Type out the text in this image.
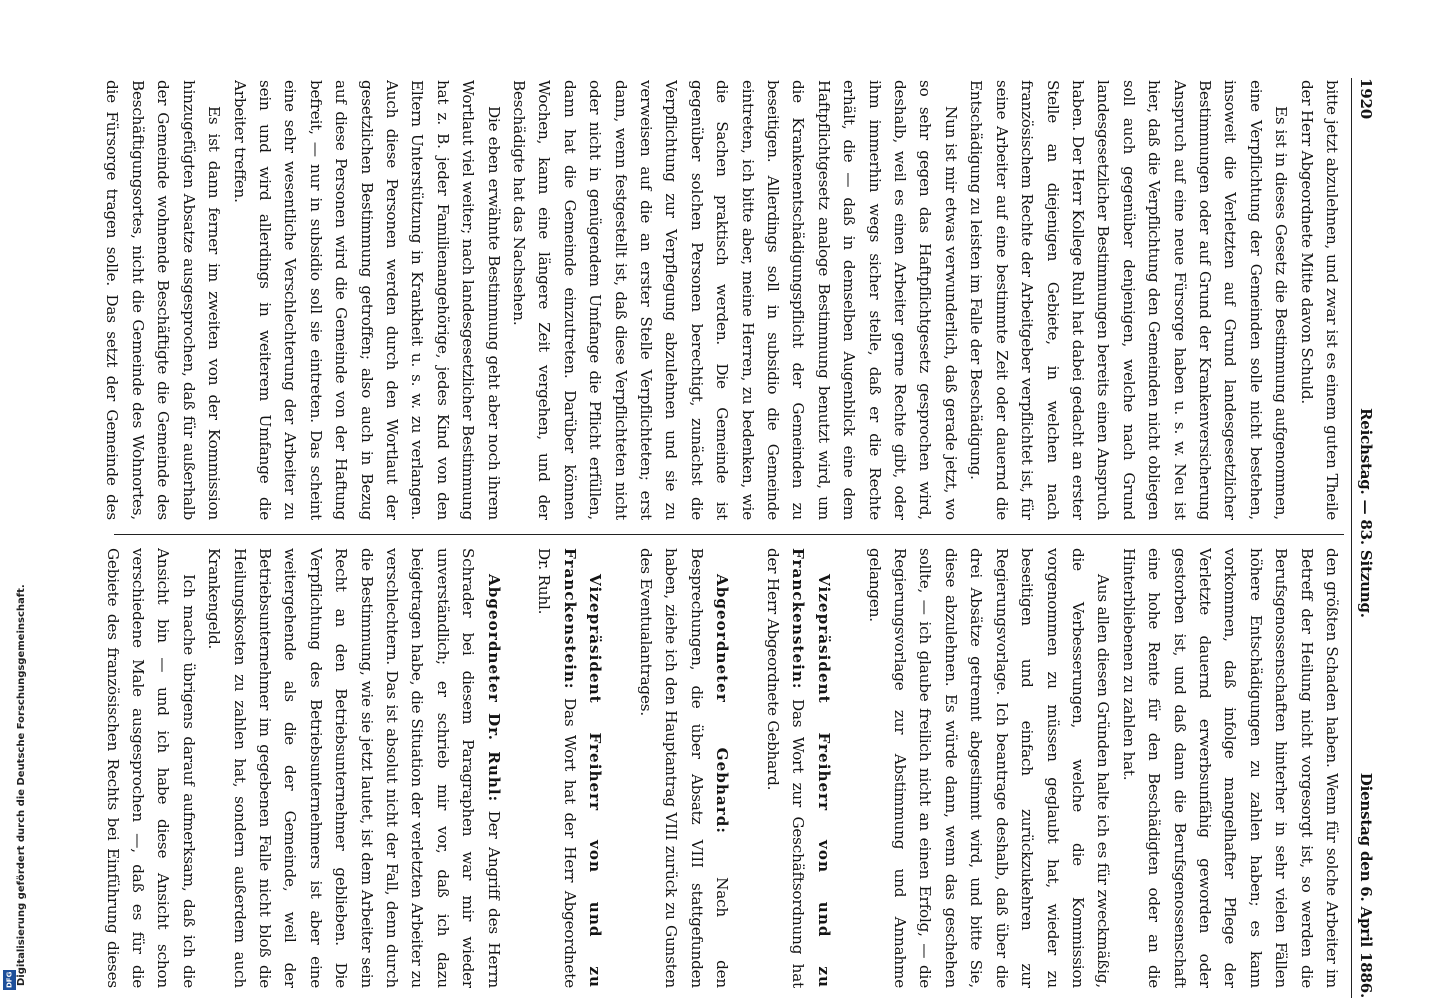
1920
Reichstag. — 83. Sitzung.
Dienstag den 6. April 1886.

bitte jetzt abzulehnen, und zwar ist es einem guten Theile der Herr Abgeordnete Mitte davon Schuld.

Es ist in dieses Gesetz die Bestimmung aufgenommen, eine Verpflichtung der Gemeinden solle nicht bestehen, insoweit die Verletzten auf Grund landesgesetzlicher Bestimmungen oder auf Grund der Krankenversicherung Anspruch auf eine neue Fürsorge haben u. s. w. Neu ist hier, daß die Verpflichtung den Gemeinden nicht obliegen soll auch gegenüber denjenigen, welche nach Grund landesgesetzlicher Bestimmungen bereits einen Anspruch haben. Der Herr Kollege Ruhl hat dabei gedacht an erster Stelle an diejenigen Gebiete, in welchen nach französischem Rechte der Arbeitgeber verpflichtet ist, für seine Arbeiter auf eine bestimmte Zeit oder dauernd die Entschädigung zu leisten im Falle der Beschädigung.

Nun ist mir etwas verwunderlich, daß gerade jetzt, wo so sehr gegen das Haftpflichtgesetz gesprochen wird, deshalb, weil es einen Arbeiter gerne Rechte gibt, oder ihm immerhin wegs sicher stelle, daß er die Rechte erhält, die — daß in demselben Augenblick eine dem Haftpflichtgesetz analoge Bestimmung benutzt wird, um die Krankenentschädigungspflicht der Gemeinden zu beseitigen. Allerdings soll in subsidio die Gemeinde eintreten, ich bitte aber, meine Herren, zu bedenken, wie die Sachen praktisch werden. Die Gemeinde ist gegenüber solchen Personen berechtigt, zunächst die Verpflichtung zur Verpflegung abzulehnen und sie zu verweisen auf die an erster Stelle Verpflichteten; erst dann, wenn festgestellt ist, daß diese Verpflichteten nicht oder nicht in genügendem Umfange die Pflicht erfüllen, dann hat die Gemeinde einzutreten. Darüber können Wochen, kann eine längere Zeit vergehen, und der Beschädigte hat das Nachsehen.

Die eben erwähnte Bestimmung geht aber noch ihrem Wortlaut viel weiter; nach landesgesetzlicher Bestimmung hat z. B. jeder Familienangehörige, jedes Kind von den Eltern Unterstützung in Krankheit u. s. w. zu verlangen. Auch diese Personen werden durch den Wortlaut der gesetzlichen Bestimmung getroffen; also auch in Bezug auf diese Personen wird die Gemeinde von der Haftung befreit, — nur in subsidio soll sie eintreten. Das scheint eine sehr wesentliche Verschlechterung der Arbeiter zu sein und wird allerdings in weiterem Umfange die Arbeiter treffen.

Es ist dann ferner im zweiten von der Kommission hinzugefügten Absatze ausgesprochen, daß für außerhalb der Gemeinde wohnende Beschäftigte die Gemeinde des Beschäftigungsortes, nicht die Gemeinde des Wohnortes, die Fürsorge tragen solle. Das setzt der Gemeinde des

den größten Schaden haben. Wenn für solche Arbeiter im Betreff der Heilung nicht vorgesorgt ist, so werden die Berufsgenossenschaften hinterher in sehr vielen Fällen höhere Entschädigungen zu zahlen haben; es kann vorkommen, daß infolge mangelhafter Pflege der Verletzte dauernd erwerbsunfähig geworden oder gestorben ist, und daß dann die Berufsgenossenschaft eine hohe Rente für den Beschädigten oder an die Hinterbliebenen zu zahlen hat.

Aus allen diesen Gründen halte ich es für zweckmäßig, die Verbesserungen, welche die Kommission vorgenommen zu müssen geglaubt hat, wieder zu beseitigen und einfach zurückzukehren zur Regierungsvorlage. Ich beantrage deshalb, daß über die drei Absätze getrennt abgestimmt wird, und bitte Sie, diese abzulehnen. Es würde dann, wenn das geschehen sollte, — ich glaube freilich nicht an einen Erfolg, — die Regierungsvorlage zur Abstimmung und Annahme gelangen.

Vizepräsident Freiherr von und zu Franckenstein: Das Wort zur Geschäftsordnung hat der Herr Abgeordnete Gebhard.

Abgeordneter Gebhard: Nach den Besprechungen, die über Absatz VIII stattgefunden haben, ziehe ich den Hauptantrag VIII zurück zu Gunsten des Eventualantrages.

Vizepräsident Freiherr von und zu Franckenstein: Das Wort hat der Herr Abgeordnete Dr. Ruhl.

Abgeordneter Dr. Ruhl: Der Angriff des Herrn Schrader bei diesem Paragraphen war mir wieder unverständlich; er schrieb mir vor, daß ich dazu beigetragen habe, die Situation der verletzten Arbeiter zu verschlechtern. Das ist absolut nicht der Fall, denn durch die Bestimmung, wie sie jetzt lautet, ist dem Arbeiter sein Recht an den Betriebsunternehmer geblieben. Die Verpflichtung des Betriebsunternehmers ist aber eine weitergehende als die der Gemeinde, weil der Betriebsunternehmer im gegebenen Falle nicht bloß die Heilungskosten zu zahlen hat, sondern außerdem auch Krankengeld.

Ich mache übrigens darauf aufmerksam, daß ich die Ansicht bin — und ich habe diese Ansicht schon verschiedene Male ausgesprochen —, daß es für die Gebiete des französischen Rechts bei Einführung dieses

Digitalisierung gefördert durch die Deutsche Forschungsgemeinschaft.
DFG
